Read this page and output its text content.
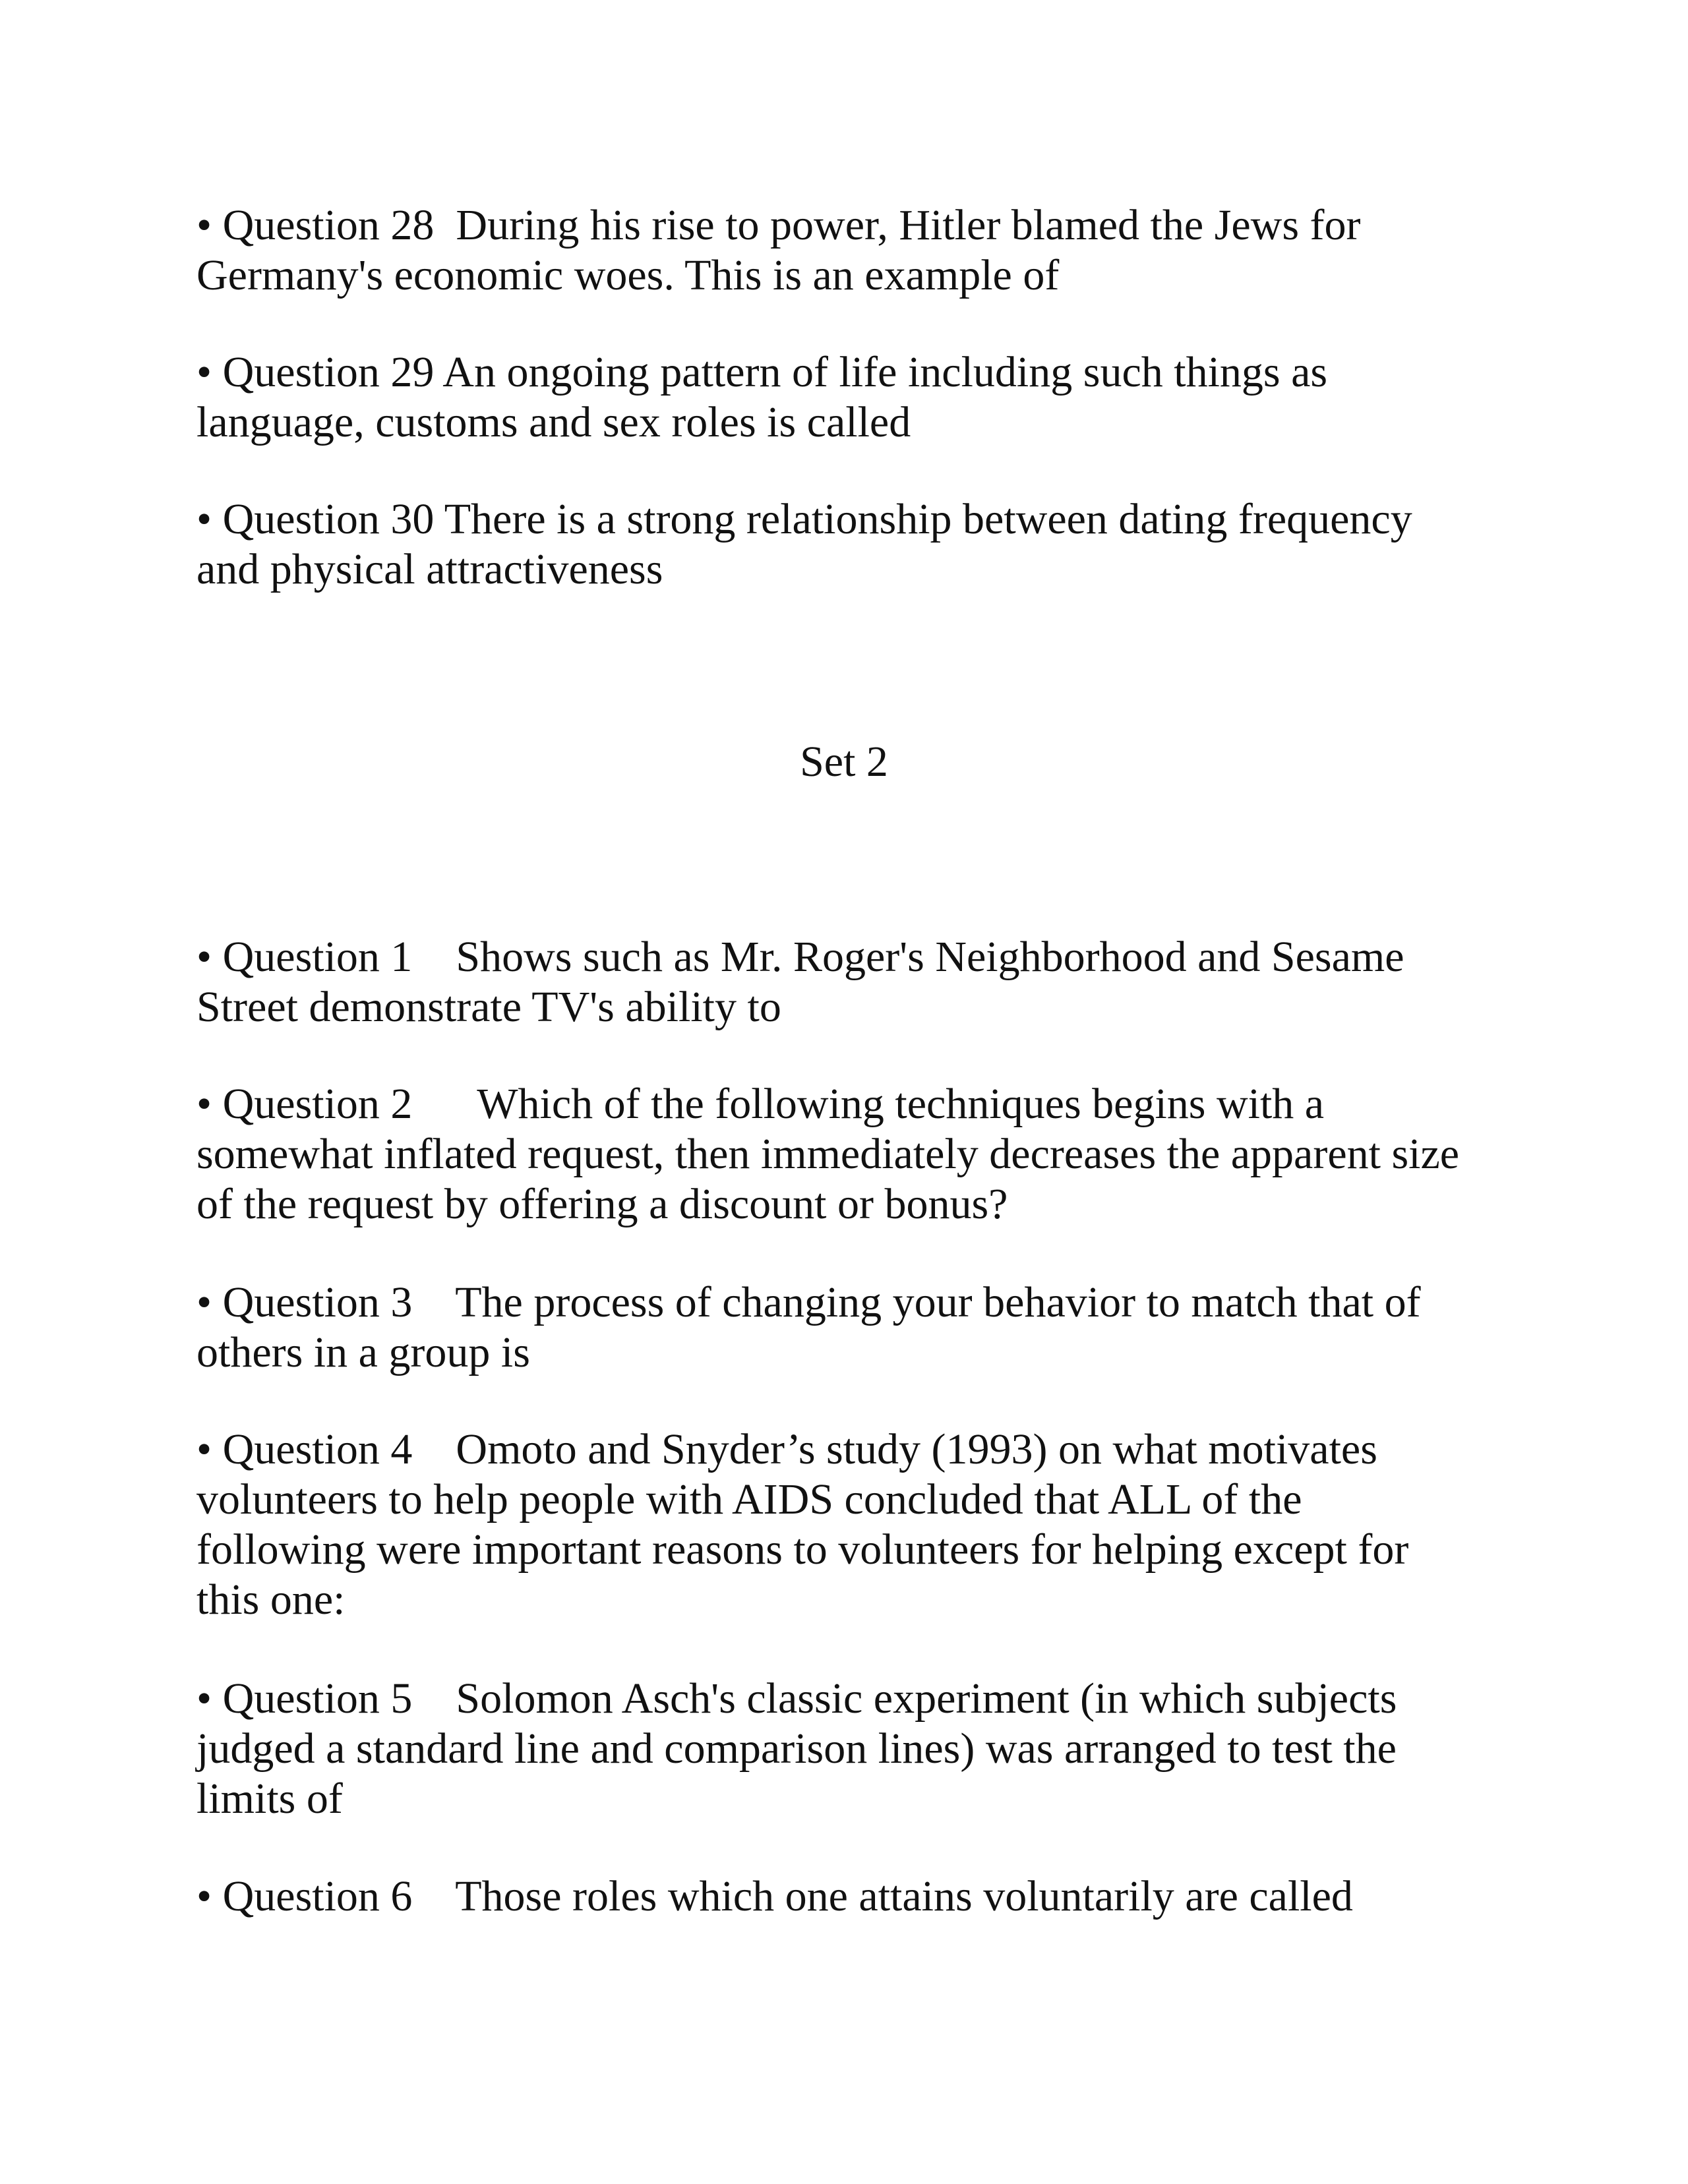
• Question 28  During his rise to power, Hitler blamed the Jews for
Germany's economic woes. This is an example of

• Question 29 An ongoing pattern of life including such things as
language, customs and sex roles is called

• Question 30 There is a strong relationship between dating frequency
and physical attractiveness

Set 2

• Question 1    Shows such as Mr. Roger's Neighborhood and Sesame
Street demonstrate TV's ability to

• Question 2      Which of the following techniques begins with a
somewhat inflated request, then immediately decreases the apparent size
of the request by offering a discount or bonus?

• Question 3    The process of changing your behavior to match that of
others in a group is

• Question 4    Omoto and Snyder’s study (1993) on what motivates
volunteers to help people with AIDS concluded that ALL of the
following were important reasons to volunteers for helping except for
this one:

• Question 5    Solomon Asch's classic experiment (in which subjects
judged a standard line and comparison lines) was arranged to test the
limits of

• Question 6    Those roles which one attains voluntarily are called
